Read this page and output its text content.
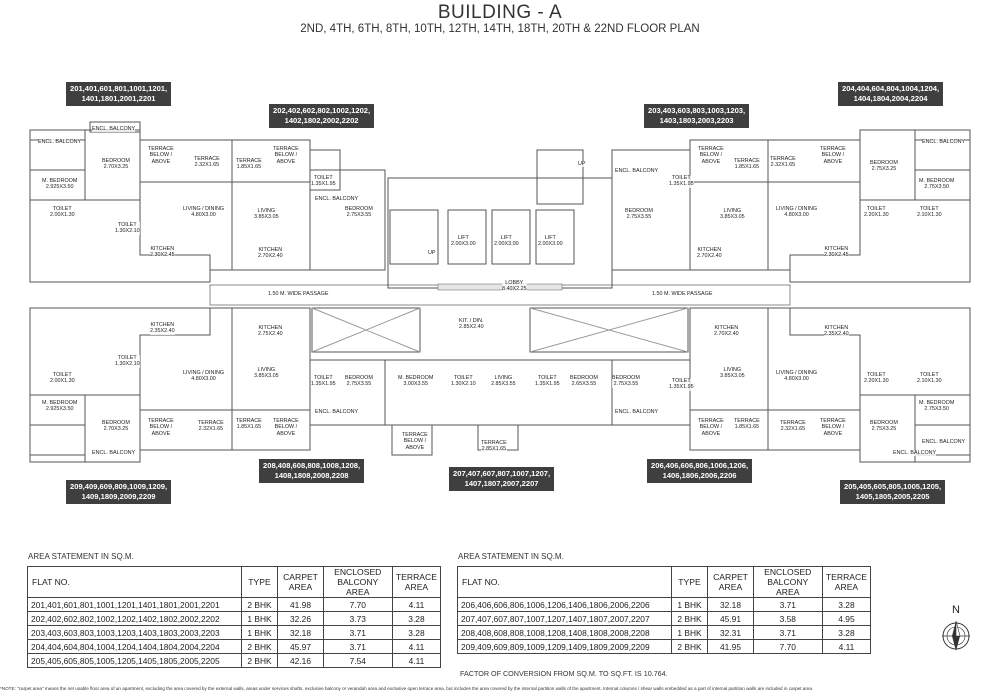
BUILDING - A
2ND, 4TH, 6TH, 8TH, 10TH, 12TH, 14TH, 18TH, 20TH & 22ND FLOOR PLAN
201,401,601,801,1001,1201,
1401,1801,2001,2201
202,402,602,802,1002,1202,
1402,1802,2002,2202
203,403,603,803,1003,1203,
1403,1803,2003,2203
204,404,604,804,1004,1204,
1404,1804,2004,2204
209,409,609,809,1009,1209,
1409,1809,2009,2209
208,408,608,808,1008,1208,
1408,1808,2008,2208	207,407,607,807,1007,1207,
1407,1807,2007,2207
206,406,606,806,1006,1206,
1406,1806,2006,2206
205,405,605,805,1005,1205,
1405,1805,2005,2205
ENCL. BALCONY
ENCL. BALCONY
BEDROOM
2.70X3.25
M. BEDROOM
2.925X3.50
TERRACE
BELOW /
ABOVE	TERRACE
2.32X1.65
TOILET
2.00X1.30
TOILET
1.30X2.10
LIVING / DINING
4.80X3.00
KITCHEN
2.30X2.45
TERRACE
1.85X1.65
TERRACE
BELOW /
ABOVE
TOILET
1.35X1.95
ENCL. BALCONY
LIVING
3.85X3.05
BEDROOM
2.75X3.55
KITCHEN
2.70X2.40
LIFT
2.00X3.00
LIFT
2.00X3.00
LIFT
2.00X3.00
UP
UP
ENCL. BALCONY
TOILET
1.35X1.95
TERRACE
BELOW /
ABOVE	TERRACE
1.85X1.65
BEDROOM
2.75X3.55
LIVING
3.85X3.05
KITCHEN
2.70X2.40
TERRACE
2.32X1.65
TERRACE
BELOW /
ABOVE
LIVING / DINING
4.80X3.00
KITCHEN
2.30X2.45
BEDROOM
2.75X3.25
ENCL. BALCONY
M. BEDROOM
2.75X3.50
TOILET
2.20X1.30
TOILET
2.10X1.30
LOBBY
8.40X2.25
KIT. / DIN.
2.85X2.40
KITCHEN
2.35X2.40
TOILET
2.00X1.30
TOILET
1.30X2.10
LIVING / DINING
4.80X3.00
M. BEDROOM
2.925X3.50
BEDROOM
2.70X3.25
TERRACE
BELOW /
ABOVE
TERRACE
2.32X1.65
ENCL. BALCONY
KITCHEN
2.75X2.40
LIVING
3.85X3.05
TERRACE
1.85X1.65
TERRACE
BELOW /
ABOVE
TOILET
1.35X1.95
BEDROOM
2.75X3.55
ENCL. BALCONY
M. BEDROOM
3.00X3.55
TERRACE
BELOW /
ABOVE
TOILET
1.30X2.10
LIVING
2.85X3.55
TERRACE
2.85X1.65
TOILET
1.35X1.95
BEDROOM
2.65X3.55
BEDROOM
2.75X3.55
ENCL. BALCONY
TOILET
1.35X1.95
KITCHEN
2.70X2.40
LIVING
3.85X3.05
TERRACE
BELOW /
ABOVE
TERRACE
1.85X1.65
KITCHEN
2.35X2.40
LIVING / DINING
4.80X3.00
TERRACE
2.32X1.65
TERRACE
BELOW /
ABOVE
TOILET
2.20X1.30
TOILET
2.10X1.30
M. BEDROOM
2.75X3.50
BEDROOM
2.75X3.25
ENCL. BALCONY
ENCL. BALCONY
1.50 M. WIDE PASSAGE	1.50 M. WIDE PASSAGE
AREA STATEMENT IN SQ.M.
FLAT NO.	TYPE	CARPET
AREA	ENCLOSED
BALCONY AREA	TERRACE
AREA
201,401,601,801,1001,1201,1401,1801,2001,2201	2 BHK	41.98	7.70	4.11
202,402,602,802,1002,1202,1402,1802,2002,2202	1 BHK	32.26	3.73	3.28
203,403,603,803,1003,1203,1403,1803,2003,2203	1 BHK	32.18	3.71	3.28
204,404,604,804,1004,1204,1404,1804,2004,2204	2 BHK	45.97	3.71	4.11
205,405,605,805,1005,1205,1405,1805,2005,2205	2 BHK	42.16	7.54	4.11
AREA STATEMENT IN SQ.M.
FLAT NO.	TYPE	CARPET
AREA	ENCLOSED
BALCONY AREA	TERRACE
AREA
206,406,606,806,1006,1206,1406,1806,2006,2206	1 BHK	32.18	3.71	3.28
207,407,607,807,1007,1207,1407,1807,2007,2207	2 BHK	45.91	3.58	4.95
208,408,608,808,1008,1208,1408,1808,2008,2208	1 BHK	32.31	3.71	3.28
209,409,609,809,1009,1209,1409,1809,2009,2209	2 BHK	41.95	7.70	4.11
FACTOR OF CONVERSION FROM SQ.M. TO SQ.FT. IS 10.764.
N
*NOTE: "carpet area" means the net usable floor area of an apartment, excluding the area covered by the external walls, areas under services shafts, exclusive balcony or verandah area and exclusive open terrace area, but includes the area covered by the internal partition walls of the apartment. Internal columns / shear walls embedded as a part of internal partition walls are included in carpet area.
